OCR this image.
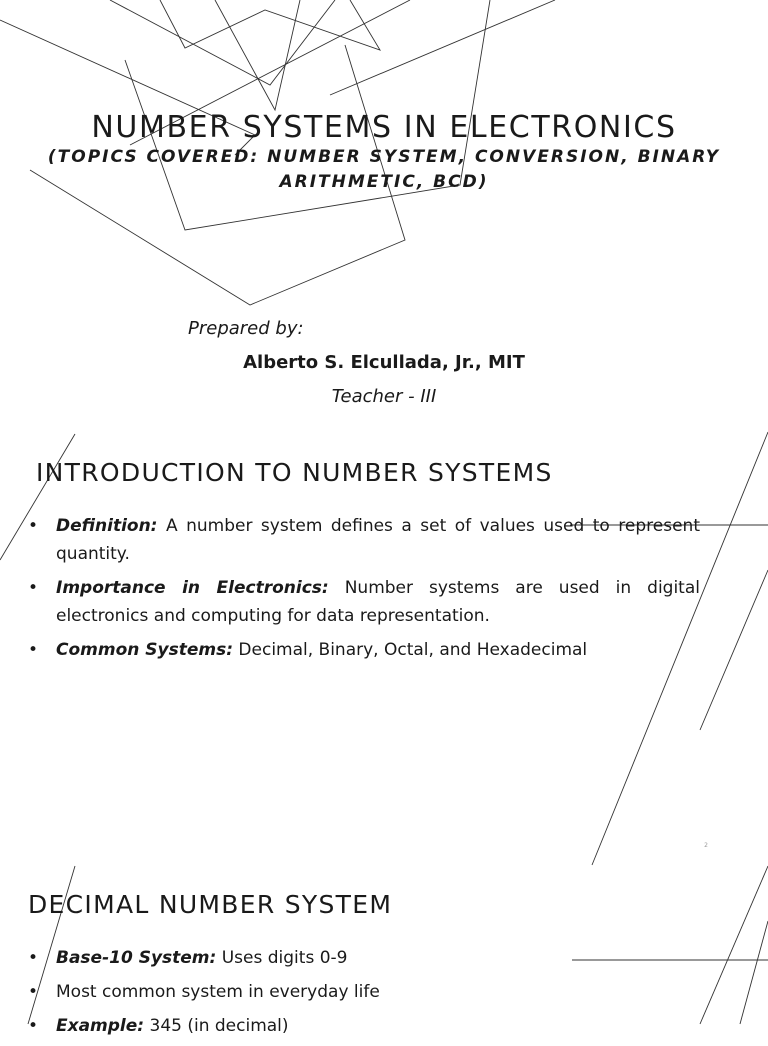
NUMBER SYSTEMS IN ELECTRONICS

(TOPICS COVERED: NUMBER SYSTEM, CONVERSION, BINARY ARITHMETIC, BCD)

Prepared by:
Alberto S. Elcullada, Jr., MIT
Teacher - III
INTRODUCTION TO NUMBER SYSTEMS
• Definition: A number system defines a set of values used to represent quantity.
• Importance in Electronics: Number systems are used in digital electronics and computing for data representation.
• Common Systems: Decimal, Binary, Octal, and Hexadecimal
2
DECIMAL NUMBER SYSTEM
• Base-10 System: Uses digits 0-9
• Most common system in everyday life
• Example: 345 (in decimal)
